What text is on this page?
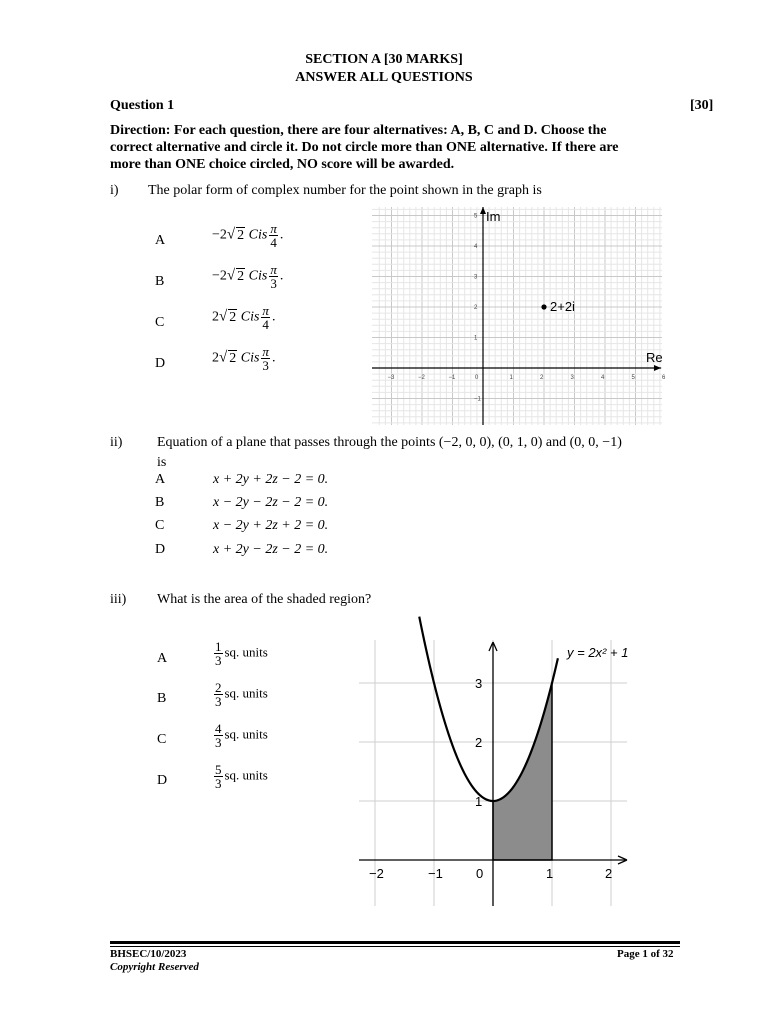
SECTION A [30 MARKS]
ANSWER ALL QUESTIONS
Question 1	[30]
Direction: For each question, there are four alternatives: A, B, C and D. Choose the
correct alternative and circle it. Do not circle more than ONE alternative. If there are
more than ONE choice circled, NO score will be awarded.
i) The polar form of complex number for the point shown in the graph is
A	−2√ 2 Cis $\frac{\pi}{4}$ .
B	−2√ 2 Cis $\frac{\pi}{3}$ .
C	2√ 2 Cis $\frac{\pi}{4}$ .
D	2√ 2 Cis $\frac{\pi}{3}$ .
−3	−2	−1	0	1	2	3	4	5	6
5
4
3
2
1
−1
Im
Re
2+2i
ii) Equation of a plane that passes through the points (−2, 0, 0), (0, 1, 0) and (0, 0, −1)
is
A	x + 2y + 2z − 2 = 0.
B	x − 2y − 2z − 2 = 0.
C	x − 2y + 2z + 2 = 0.
D	x + 2y − 2z − 2 = 0.
iii) What is the area of the shaded region?
A	$\frac{1}{3}$ sq. units
B	$\frac{2}{3}$ sq. units
C	$\frac{4}{3}$ sq. units
D	$\frac{5}{3}$ sq. units
−2	−1	0	1	2
1
2
3
y = 2x² + 1
BHSEC/10/2023
Copyright Reserved
Page 1 of 32
